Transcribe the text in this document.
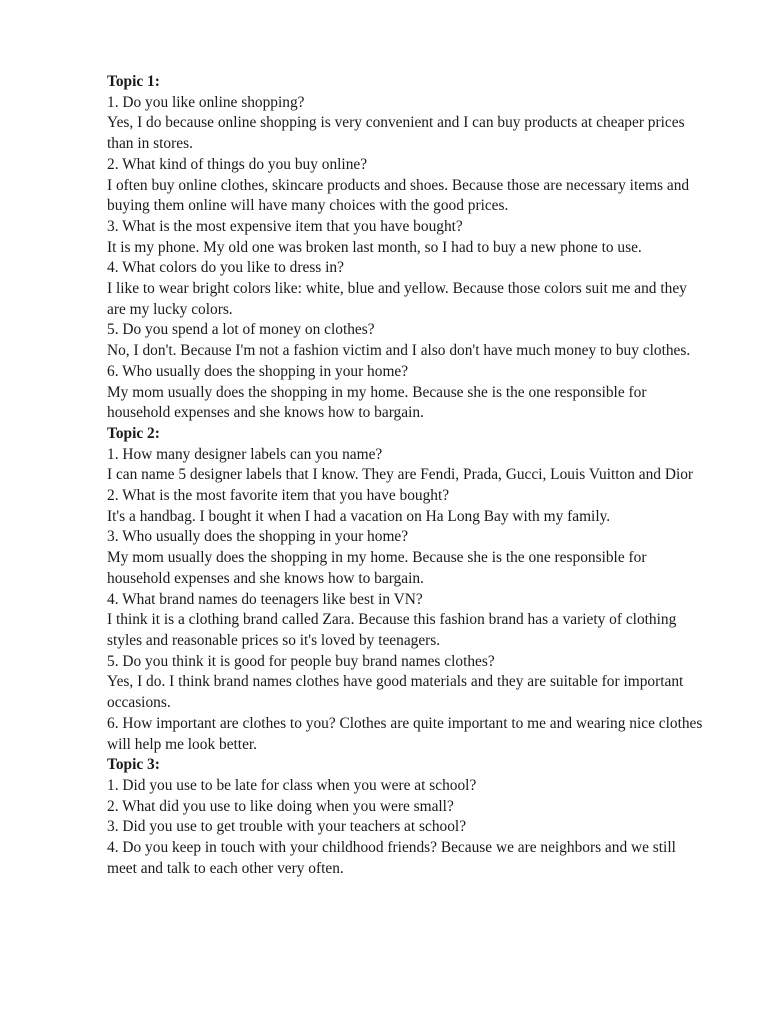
Topic 1:

1. Do you like online shopping?

Yes, I do because online shopping is very convenient and I can buy products at cheaper prices than in stores.

2. What kind of things do you buy online?

I often buy online clothes, skincare products and shoes. Because those are necessary items and buying them online will have many choices with the good prices.

3. What is the most expensive item that you have bought?

It is my phone. My old one was broken last month, so I had to buy a new phone to use.

4. What colors do you like to dress in?

I like to wear bright colors like: white, blue and yellow. Because those colors suit me and they are my lucky colors.

5. Do you spend a lot of money on clothes?

No, I don't. Because I'm not a fashion victim and I also don't have much money to buy clothes.

6. Who usually does the shopping in your home?

My mom usually does the shopping in my home. Because she is the one responsible for household expenses and she knows how to bargain.

Topic 2:

1. How many designer labels can you name?

I can name 5 designer labels that I know. They are Fendi, Prada, Gucci, Louis Vuitton and Dior

2. What is the most favorite item that you have bought?

It's a handbag. I bought it when I had a vacation on Ha Long Bay with my family.

3. Who usually does the shopping in your home?

My mom usually does the shopping in my home. Because she is the one responsible for household expenses and she knows how to bargain.

4. What brand names do teenagers like best in VN?

I think it is a clothing brand called Zara. Because this fashion brand has a variety of clothing styles and reasonable prices so it's loved by teenagers.

5. Do you think it is good for people buy brand names clothes?

Yes, I do. I think brand names clothes have good materials and they are suitable for important occasions.

6. How important are clothes to you? Clothes are quite important to me and wearing nice clothes will help me look better.

Topic 3:

1. Did you use to be late for class when you were at school?

2. What did you use to like doing when you were small?

3. Did you use to get trouble with your teachers at school?

4. Do you keep in touch with your childhood friends? Because we are neighbors and we still meet and talk to each other very often.
